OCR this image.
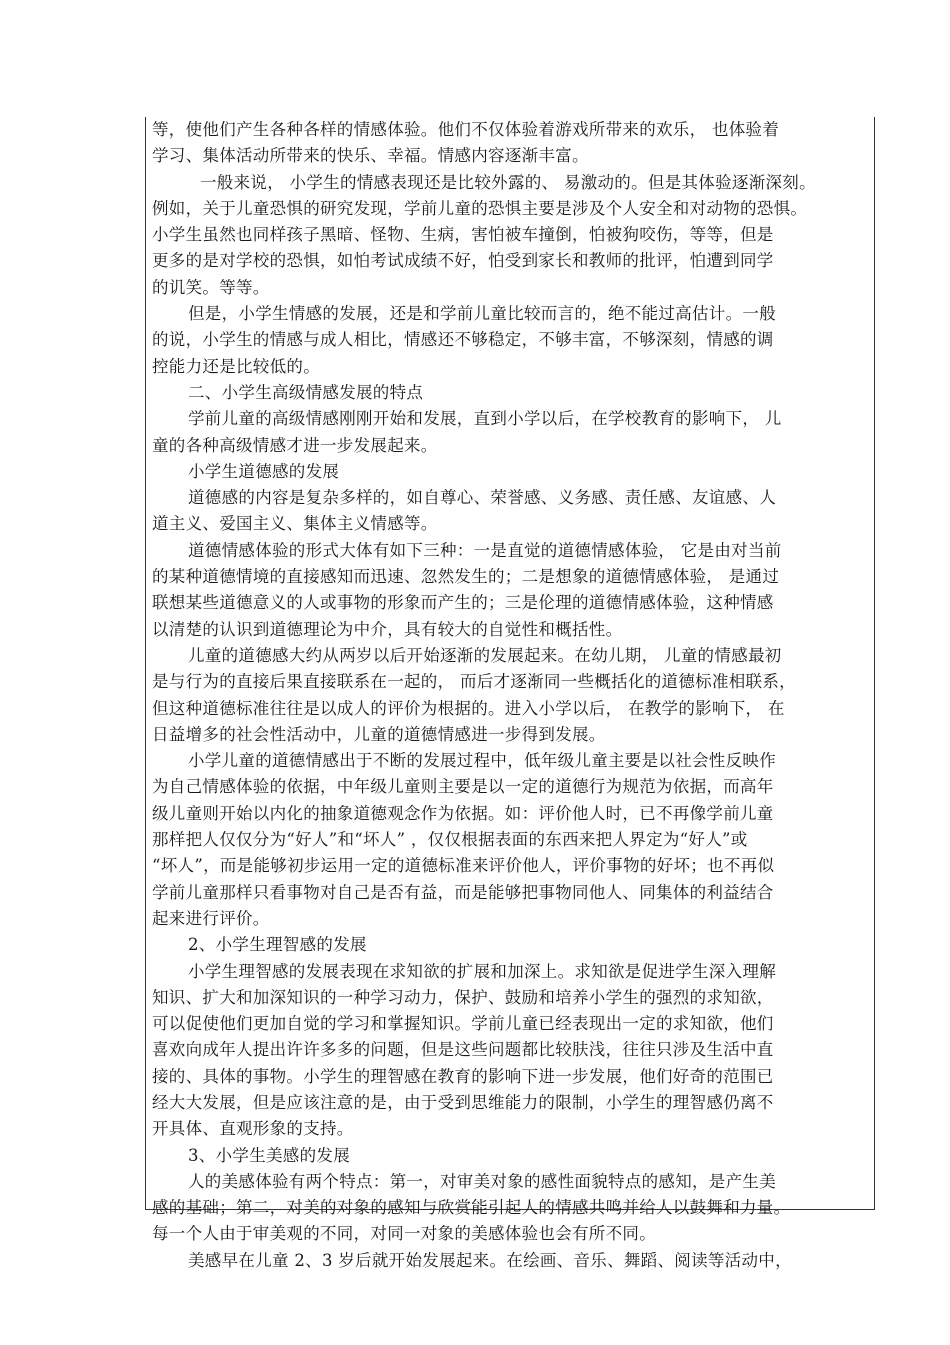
等，使他们产生各种各样的情感体验。他们不仅体验着游戏所带来的欢乐， 也体验着
学习、集体活动所带来的快乐、幸福。情感内容逐渐丰富。
一般来说， 小学生的情感表现还是比较外露的、 易激动的。但是其体验逐渐深刻。
例如，关于儿童恐惧的研究发现，学前儿童的恐惧主要是涉及个人安全和对动物的恐惧。
小学生虽然也同样孩子黑暗、怪物、生病，害怕被车撞倒，怕被狗咬伤，等等，但是
更多的是对学校的恐惧，如怕考试成绩不好，怕受到家长和教师的批评，怕遭到同学
的讥笑。等等。
但是，小学生情感的发展，还是和学前儿童比较而言的，绝不能过高估计。一般
的说，小学生的情感与成人相比，情感还不够稳定，不够丰富，不够深刻，情感的调
控能力还是比较低的。
二、小学生高级情感发展的特点
学前儿童的高级情感刚刚开始和发展，直到小学以后，在学校教育的影响下， 儿
童的各种高级情感才进一步发展起来。
小学生道德感的发展
道德感的内容是复杂多样的，如自尊心、荣誉感、义务感、责任感、友谊感、人
道主义、爱国主义、集体主义情感等。
道德情感体验的形式大体有如下三种：一是直觉的道德情感体验， 它是由对当前
的某种道德情境的直接感知而迅速、忽然发生的；二是想象的道德情感体验， 是通过
联想某些道德意义的人或事物的形象而产生的；三是伦理的道德情感体验，这种情感
以清楚的认识到道德理论为中介，具有较大的自觉性和概括性。
儿童的道德感大约从两岁以后开始逐渐的发展起来。在幼儿期， 儿童的情感最初
是与行为的直接后果直接联系在一起的， 而后才逐渐同一些概括化的道德标准相联系，
但这种道德标准往往是以成人的评价为根据的。进入小学以后， 在教学的影响下， 在
日益增多的社会性活动中，儿童的道德情感进一步得到发展。
小学儿童的道德情感出于不断的发展过程中，低年级儿童主要是以社会性反映作
为自己情感体验的依据，中年级儿童则主要是以一定的道德行为规范为依据，而高年
级儿童则开始以内化的抽象道德观念作为依据。如：评价他人时，已不再像学前儿童
那样把人仅仅分为“好人”和“坏人” ，仅仅根据表面的东西来把人界定为“好人”或
“坏人”，而是能够初步运用一定的道德标准来评价他人，评价事物的好坏；也不再似
学前儿童那样只看事物对自己是否有益，而是能够把事物同他人、同集体的利益结合
起来进行评价。
2、小学生理智感的发展
小学生理智感的发展表现在求知欲的扩展和加深上。求知欲是促进学生深入理解
知识、扩大和加深知识的一种学习动力，保护、鼓励和培养小学生的强烈的求知欲，
可以促使他们更加自觉的学习和掌握知识。学前儿童已经表现出一定的求知欲，他们
喜欢向成年人提出许许多多的问题，但是这些问题都比较肤浅，往往只涉及生活中直
接的、具体的事物。小学生的理智感在教育的影响下进一步发展，他们好奇的范围已
经大大发展，但是应该注意的是，由于受到思维能力的限制，小学生的理智感仍离不
开具体、直观形象的支持。
3、小学生美感的发展
人的美感体验有两个特点：第一，对审美对象的感性面貌特点的感知，是产生美
感的基础；第二，对美的对象的感知与欣赏能引起人的情感共鸣并给人以鼓舞和力量。
每一个人由于审美观的不同，对同一对象的美感体验也会有所不同。
美感早在儿童 2、3 岁后就开始发展起来。在绘画、音乐、舞蹈、阅读等活动中，
